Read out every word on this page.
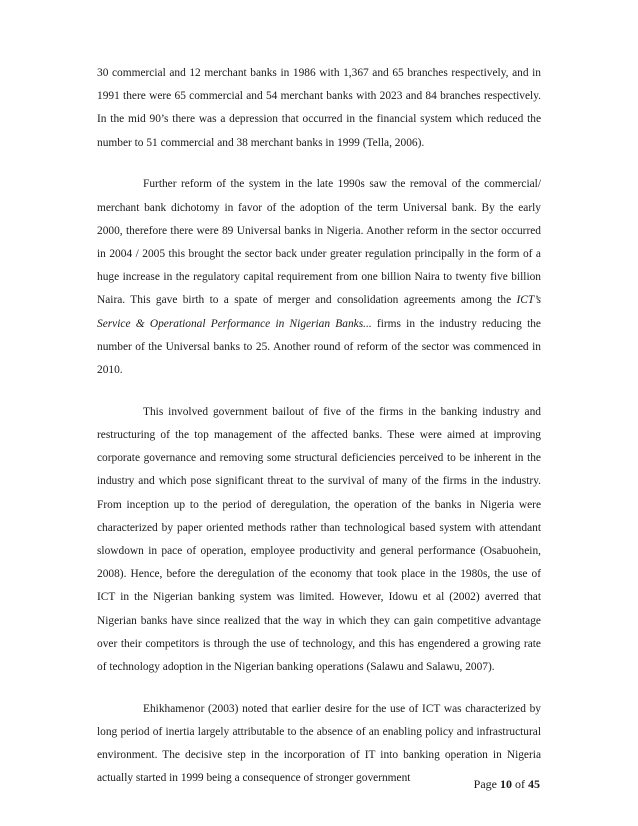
30 commercial and 12 merchant banks in 1986 with 1,367 and 65 branches respectively, and in 1991 there were 65 commercial and 54 merchant banks with 2023 and 84 branches respectively. In the mid 90’s there was a depression that occurred in the financial system which reduced the number to 51 commercial and 38 merchant banks in 1999 (Tella, 2006).

Further reform of the system in the late 1990s saw the removal of the commercial/ merchant bank dichotomy in favor of the adoption of the term Universal bank. By the early 2000, therefore there were 89 Universal banks in Nigeria. Another reform in the sector occurred in 2004 / 2005 this brought the sector back under greater regulation principally in the form of a huge increase in the regulatory capital requirement from one billion Naira to twenty five billion Naira. This gave birth to a spate of merger and consolidation agreements among the ICT’s Service & Operational Performance in Nigerian Banks... firms in the industry reducing the number of the Universal banks to 25. Another round of reform of the sector was commenced in 2010.

This involved government bailout of five of the firms in the banking industry and restructuring of the top management of the affected banks. These were aimed at improving corporate governance and removing some structural deficiencies perceived to be inherent in the industry and which pose significant threat to the survival of many of the firms in the industry. From inception up to the period of deregulation, the operation of the banks in Nigeria were characterized by paper oriented methods rather than technological based system with attendant slowdown in pace of operation, employee productivity and general performance (Osabuohein, 2008). Hence, before the deregulation of the economy that took place in the 1980s, the use of ICT in the Nigerian banking system was limited. However, Idowu et al (2002) averred that Nigerian banks have since realized that the way in which they can gain competitive advantage over their competitors is through the use of technology, and this has engendered a growing rate of technology adoption in the Nigerian banking operations (Salawu and Salawu, 2007).

Ehikhamenor (2003) noted that earlier desire for the use of ICT was characterized by long period of inertia largely attributable to the absence of an enabling policy and infrastructural environment. The decisive step in the incorporation of IT into banking operation in Nigeria actually started in 1999 being a consequence of stronger government	Page 10 of 45
